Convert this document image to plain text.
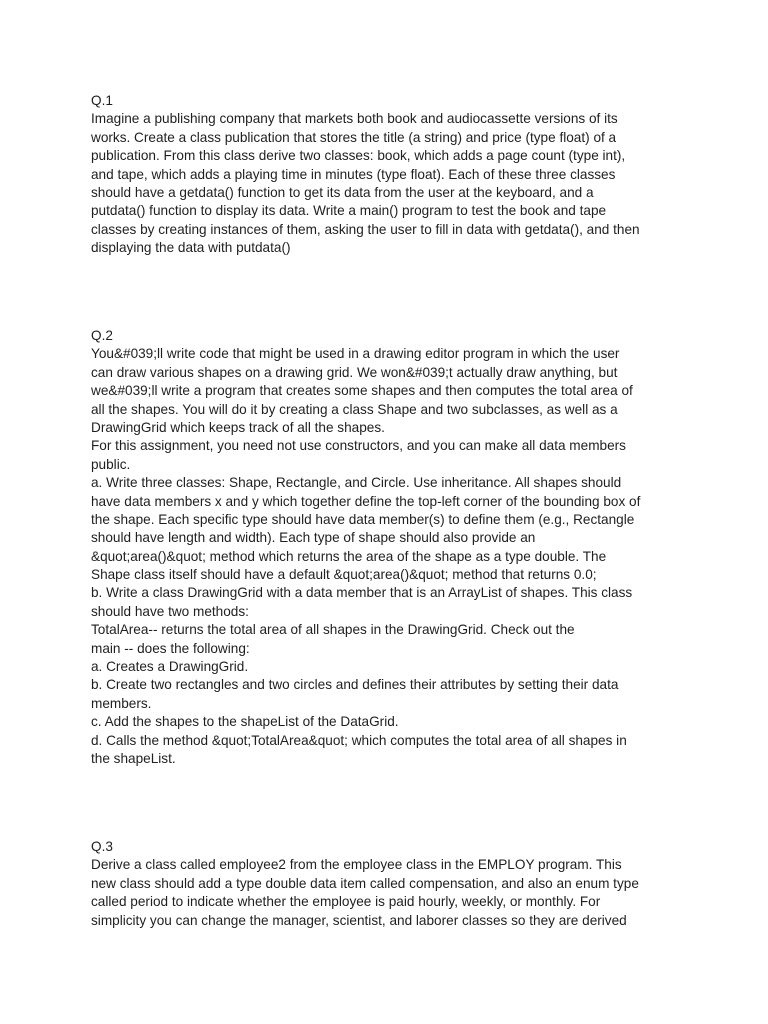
Q.1
Imagine a publishing company that markets both book and audiocassette versions of its
works. Create a class publication that stores the title (a string) and price (type float) of a
publication. From this class derive two classes: book, which adds a page count (type int),
and tape, which adds a playing time in minutes (type float). Each of these three classes
should have a getdata() function to get its data from the user at the keyboard, and a
putdata() function to display its data. Write a main() program to test the book and tape
classes by creating instances of them, asking the user to fill in data with getdata(), and then
displaying the data with putdata()
Q.2
You&#039;ll write code that might be used in a drawing editor program in which the user
can draw various shapes on a drawing grid. We won&#039;t actually draw anything, but
we&#039;ll write a program that creates some shapes and then computes the total area of
all the shapes. You will do it by creating a class Shape and two subclasses, as well as a
DrawingGrid which keeps track of all the shapes.
For this assignment, you need not use constructors, and you can make all data members
public.
a. Write three classes: Shape, Rectangle, and Circle. Use inheritance. All shapes should
have data members x and y which together define the top-left corner of the bounding box of
the shape. Each specific type should have data member(s) to define them (e.g., Rectangle
should have length and width). Each type of shape should also provide an
&quot;area()&quot; method which returns the area of the shape as a type double. The
Shape class itself should have a default &quot;area()&quot; method that returns 0.0;
b. Write a class DrawingGrid with a data member that is an ArrayList of shapes. This class
should have two methods:
TotalArea-- returns the total area of all shapes in the DrawingGrid. Check out the
main -- does the following:
a. Creates a DrawingGrid.
b. Create two rectangles and two circles and defines their attributes by setting their data
members.
c. Add the shapes to the shapeList of the DataGrid.
d. Calls the method &quot;TotalArea&quot; which computes the total area of all shapes in
the shapeList.
Q.3
Derive a class called employee2 from the employee class in the EMPLOY program. This
new class should add a type double data item called compensation, and also an enum type
called period to indicate whether the employee is paid hourly, weekly, or monthly. For
simplicity you can change the manager, scientist, and laborer classes so they are derived
